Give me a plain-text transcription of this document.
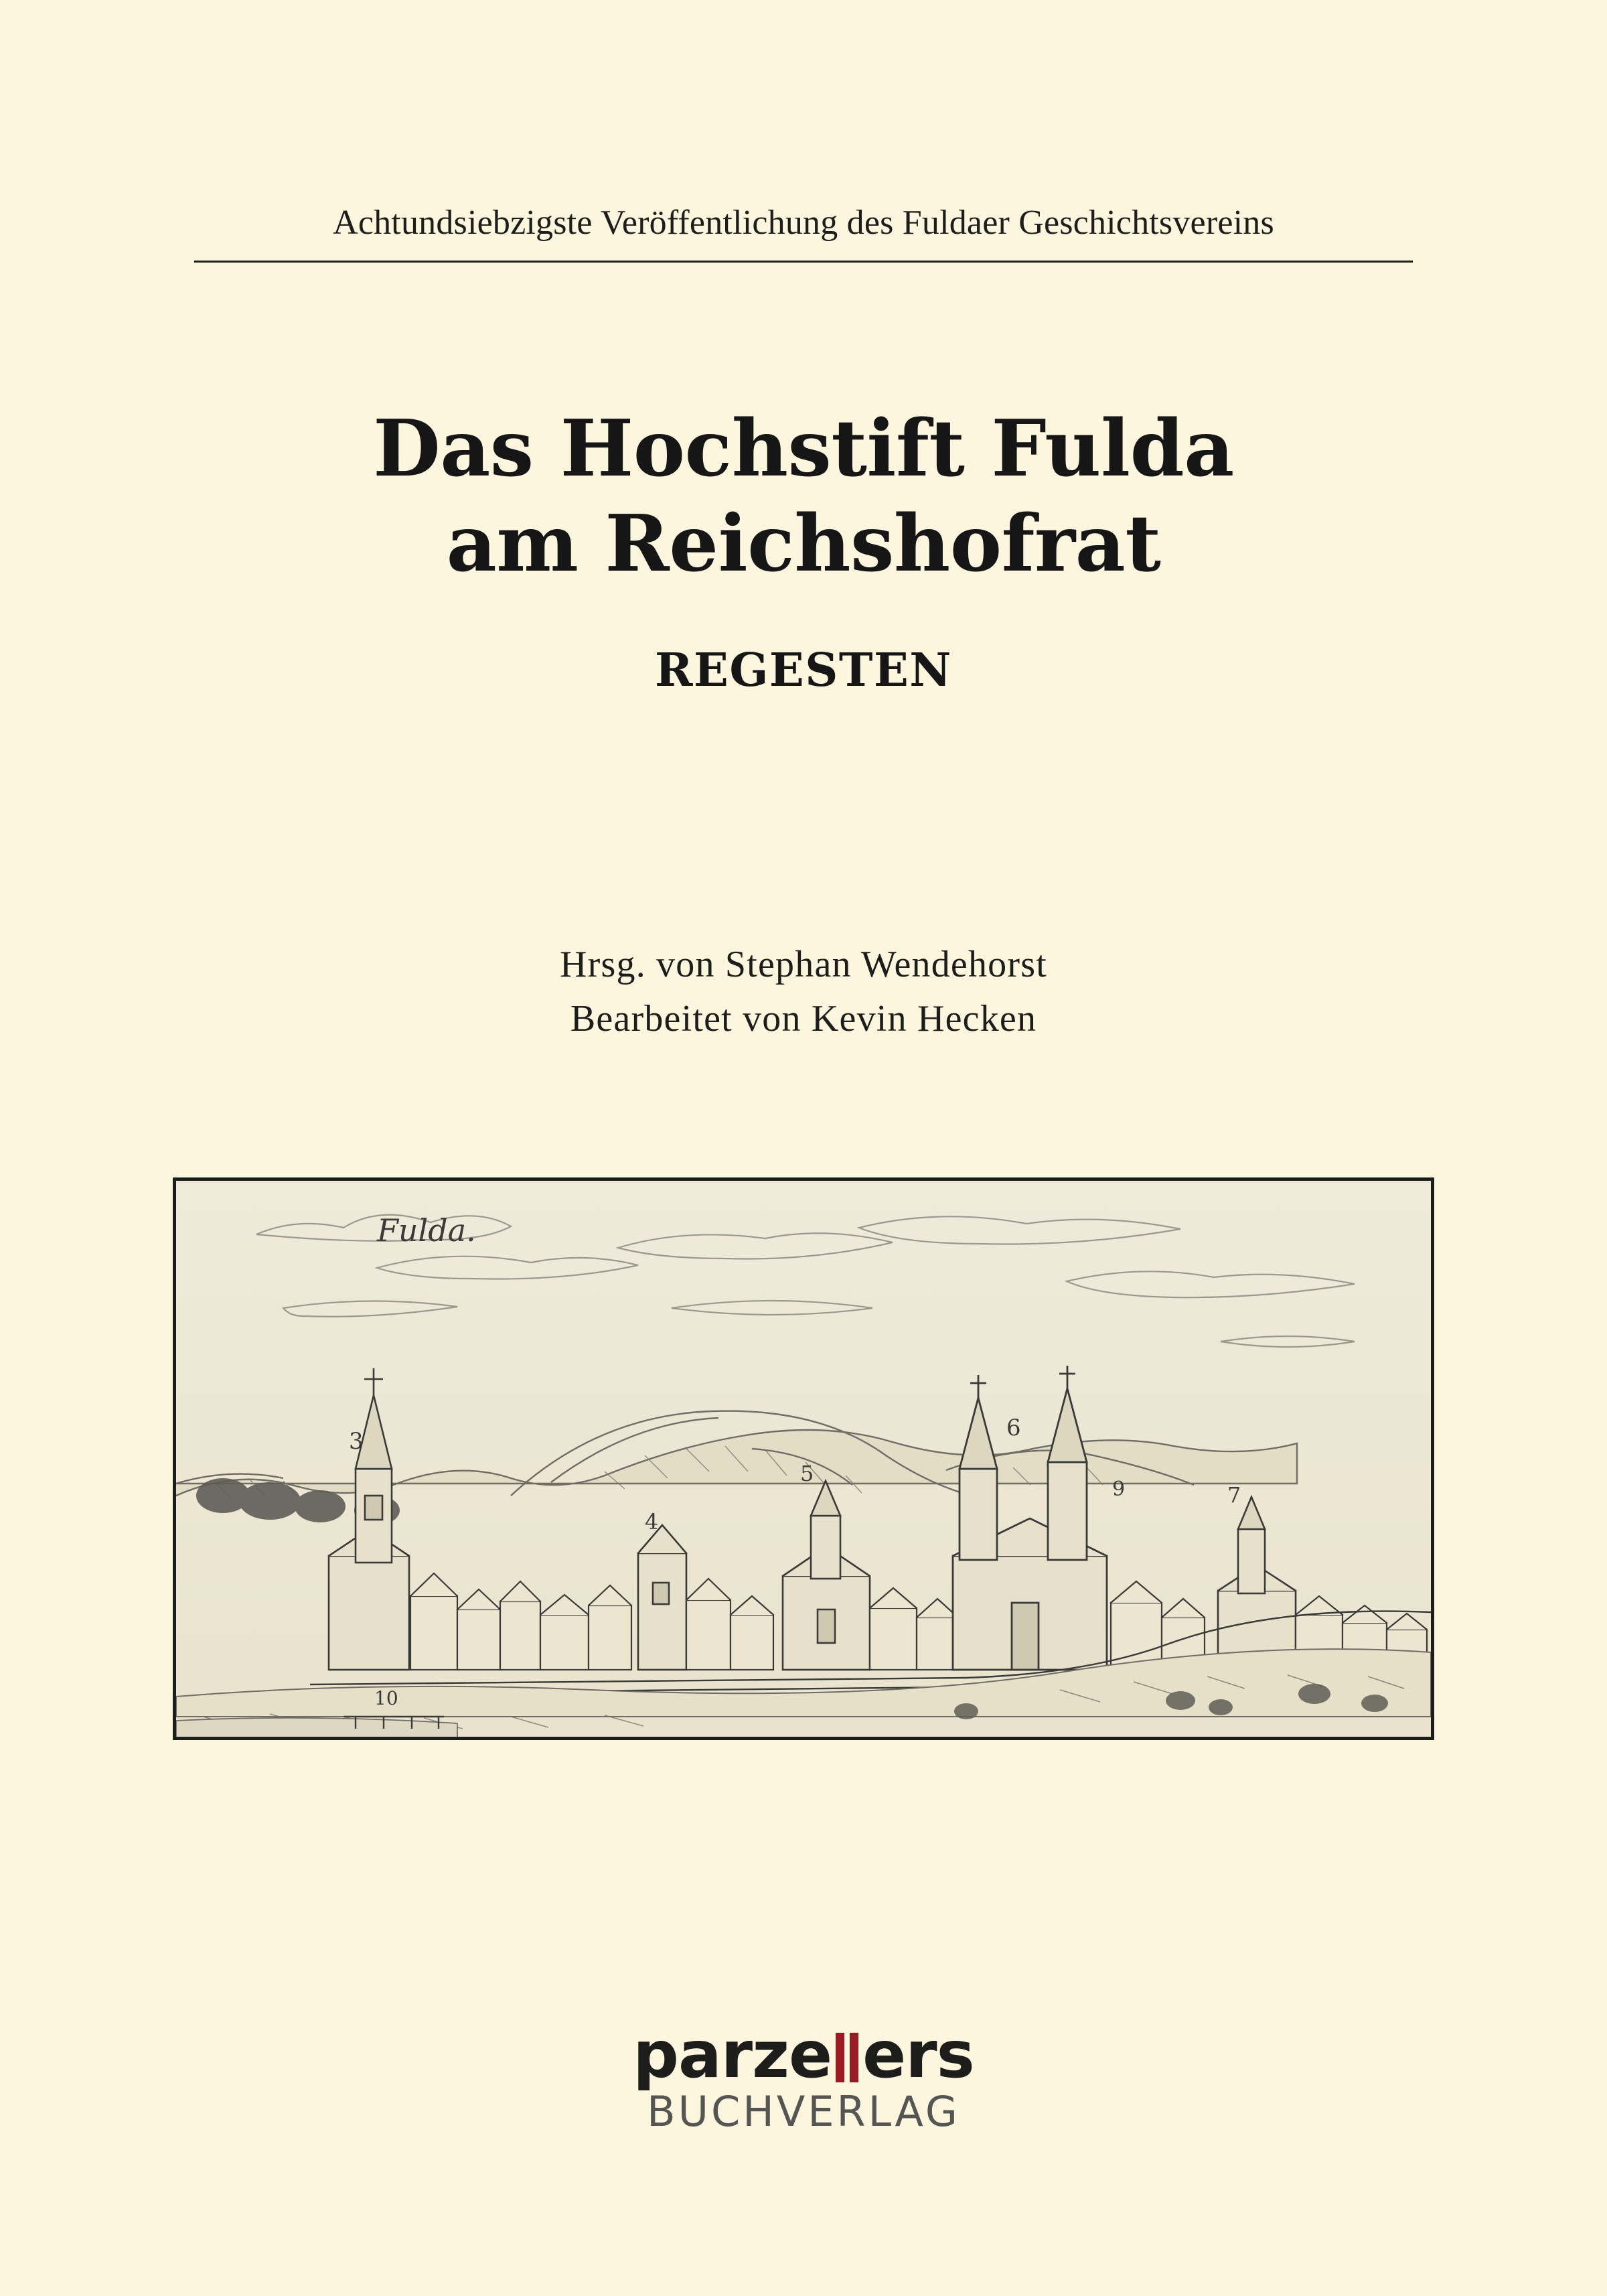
Achtundsiebzigste Veröffentlichung des Fuldaer Geschichtsvereins
Das Hochstift Fulda
am Reichshofrat
REGESTEN
Hrsg. von Stephan Wendehorst
Bearbeitet von Kevin Hecken
Fulda.
3
4
5
6
9	7
10
parze ers
BUCHVERLAG
